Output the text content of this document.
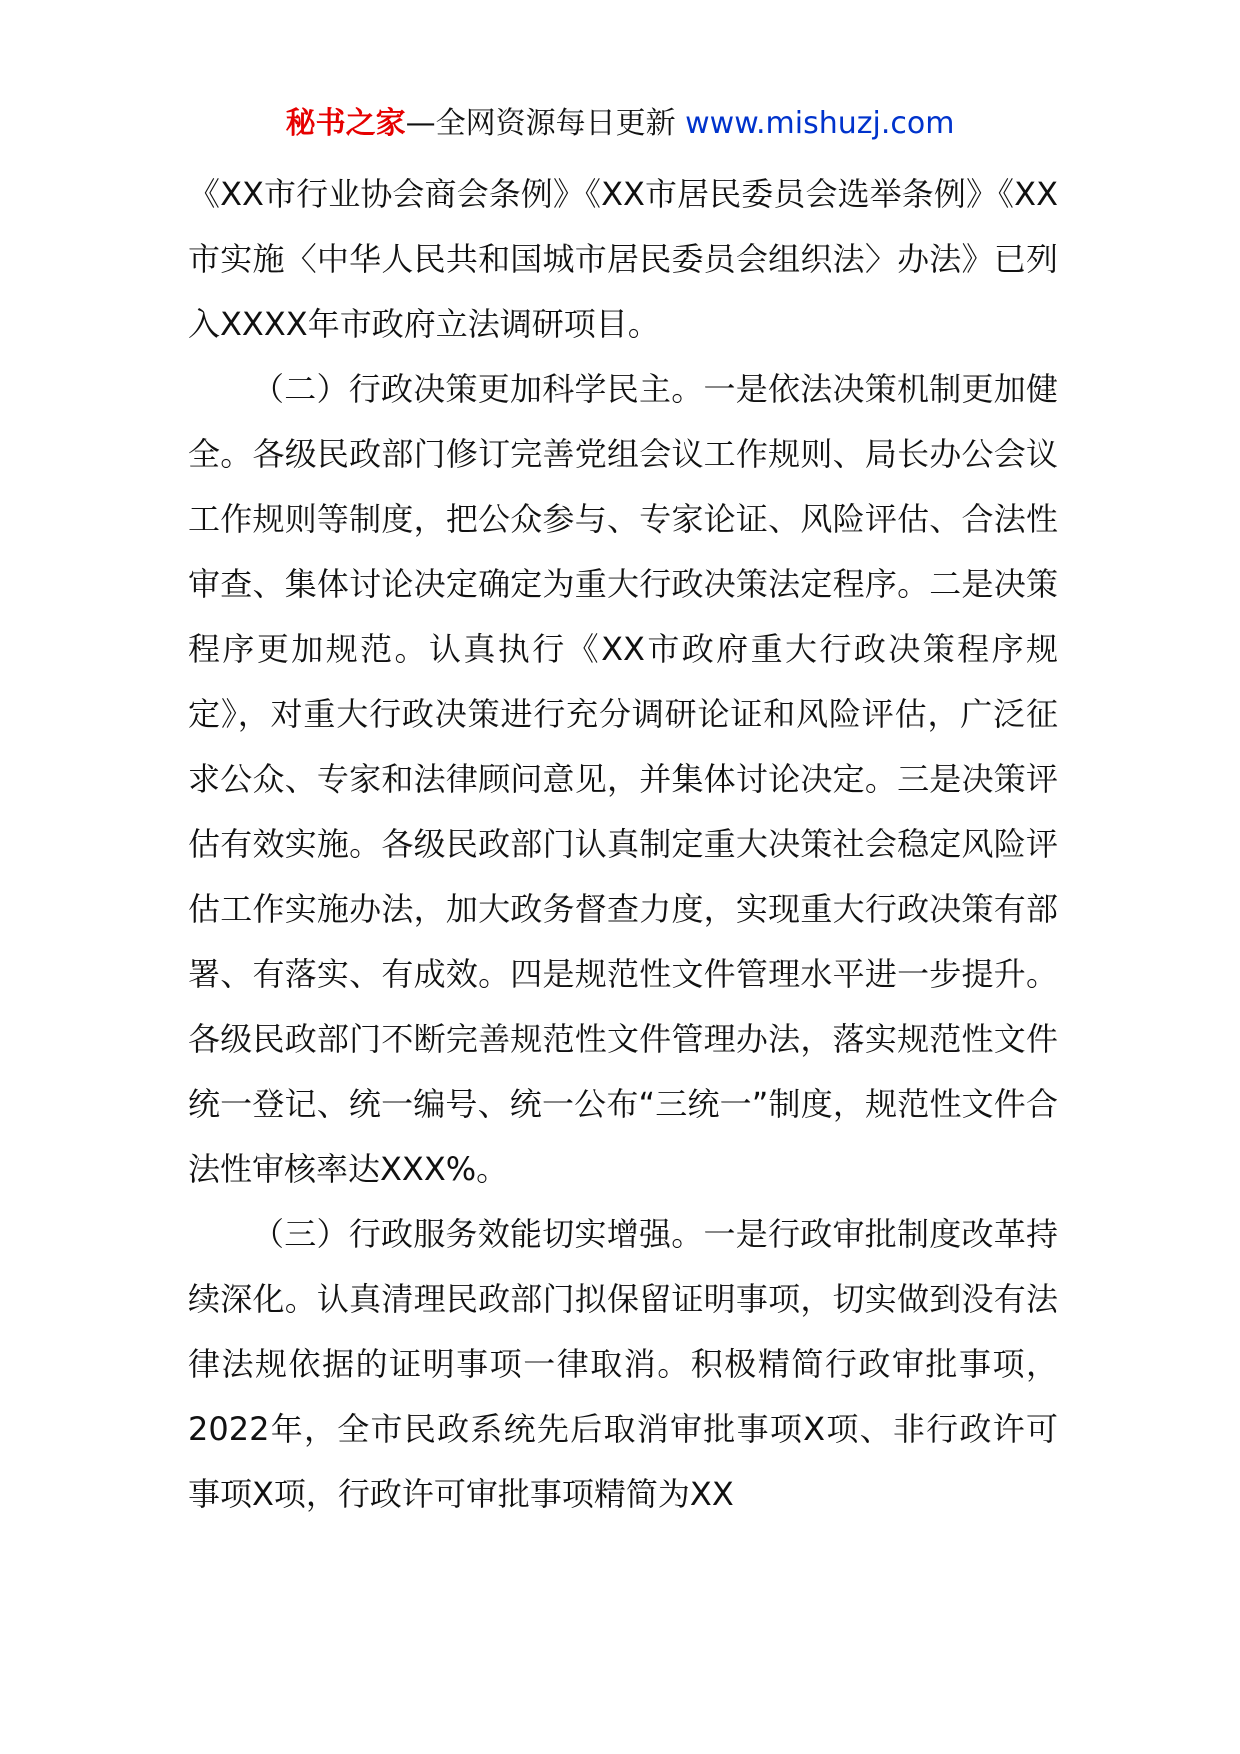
秘书之家—全网资源每日更新 www.mishuzj.com

《XX市行业协会商会条例》《XX市居民委员会选举条例》《XX市实施〈中华人民共和国城市居民委员会组织法〉办法》已列入XXXX年市政府立法调研项目。

（二）行政决策更加科学民主。一是依法决策机制更加健全。各级民政部门修订完善党组会议工作规则、局长办公会议工作规则等制度，把公众参与、专家论证、风险评估、合法性审查、集体讨论决定确定为重大行政决策法定程序。二是决策程序更加规范。认真执行《XX市政府重大行政决策程序规定》，对重大行政决策进行充分调研论证和风险评估，广泛征求公众、专家和法律顾问意见，并集体讨论决定。三是决策评估有效实施。各级民政部门认真制定重大决策社会稳定风险评估工作实施办法，加大政务督查力度，实现重大行政决策有部署、有落实、有成效。四是规范性文件管理水平进一步提升。各级民政部门不断完善规范性文件管理办法，落实规范性文件统一登记、统一编号、统一公布“三统一”制度，规范性文件合法性审核率达XXX%。

（三）行政服务效能切实增强。一是行政审批制度改革持续深化。认真清理民政部门拟保留证明事项，切实做到没有法律法规依据的证明事项一律取消。积极精简行政审批事项，2022年，全市民政系统先后取消审批事项X项、非行政许可事项X项，行政许可审批事项精简为XX
